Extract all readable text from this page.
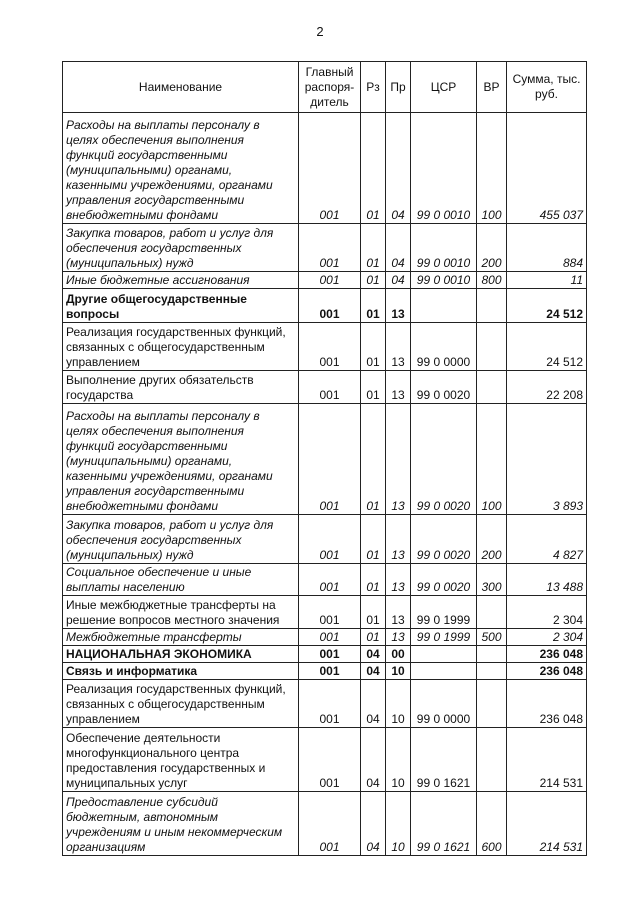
2
Наименование	Главный распоря-дитель	Рз	Пр	ЦСР	ВР	Сумма, тыс. руб.
Расходы на выплаты персоналу в целях обеспечения выполнения функций государственными (муниципальными) органами, казенными учреждениями, органами управления государственными внебюджетными фондами	001	01	04	99 0 0010	100	455 037
Закупка товаров, работ и услуг для обеспечения государственных (муниципальных) нужд	001	01	04	99 0 0010	200	884
Иные бюджетные ассигнования	001	01	04	99 0 0010	800	11
Другие общегосударственные вопросы	001	01	13			24 512
Реализация государственных функций, связанных с общегосударственным управлением	001	01	13	99 0 0000		24 512
Выполнение других обязательств государства	001	01	13	99 0 0020		22 208
Расходы на выплаты персоналу в целях обеспечения выполнения функций государственными (муниципальными) органами, казенными учреждениями, органами управления государственными внебюджетными фондами	001	01	13	99 0 0020	100	3 893
Закупка товаров, работ и услуг для обеспечения государственных (муниципальных) нужд	001	01	13	99 0 0020	200	4 827
Социальное обеспечение и иные выплаты населению	001	01	13	99 0 0020	300	13 488
Иные межбюджетные трансферты на решение вопросов местного значения	001	01	13	99 0 1999		2 304
Межбюджетные трансферты	001	01	13	99 0 1999	500	2 304
НАЦИОНАЛЬНАЯ ЭКОНОМИКА	001	04	00			236 048
Связь и информатика	001	04	10			236 048
Реализация государственных функций, связанных с общегосударственным управлением	001	04	10	99 0 0000		236 048
Обеспечение деятельности многофункционального центра предоставления государственных и муниципальных услуг	001	04	10	99 0 1621		214 531
Предоставление субсидий бюджетным, автономным учреждениям и иным некоммерческим организациям	001	04	10	99 0 1621	600	214 531
